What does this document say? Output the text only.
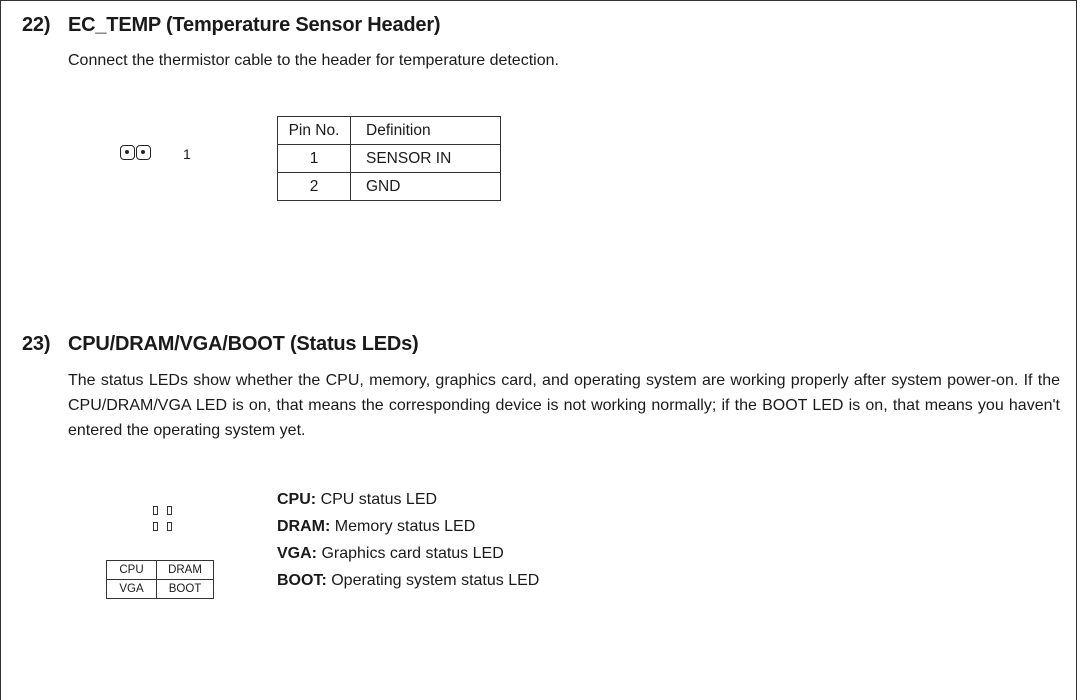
22) EC_TEMP (Temperature Sensor Header)
Connect the thermistor cable to the header for temperature detection.
1
Pin No.	Definition
1	SENSOR IN
2	GND
23) CPU/DRAM/VGA/BOOT (Status LEDs)
The status LEDs show whether the CPU, memory, graphics card, and operating system are working properly after system power-on. If the CPU/DRAM/VGA LED is on, that means the corresponding device is not working normally; if the BOOT LED is on, that means you haven't entered the operating system yet.
CPU	DRAM
VGA	BOOT
CPU: CPU status LED
DRAM: Memory status LED
VGA: Graphics card status LED
BOOT: Operating system status LED
